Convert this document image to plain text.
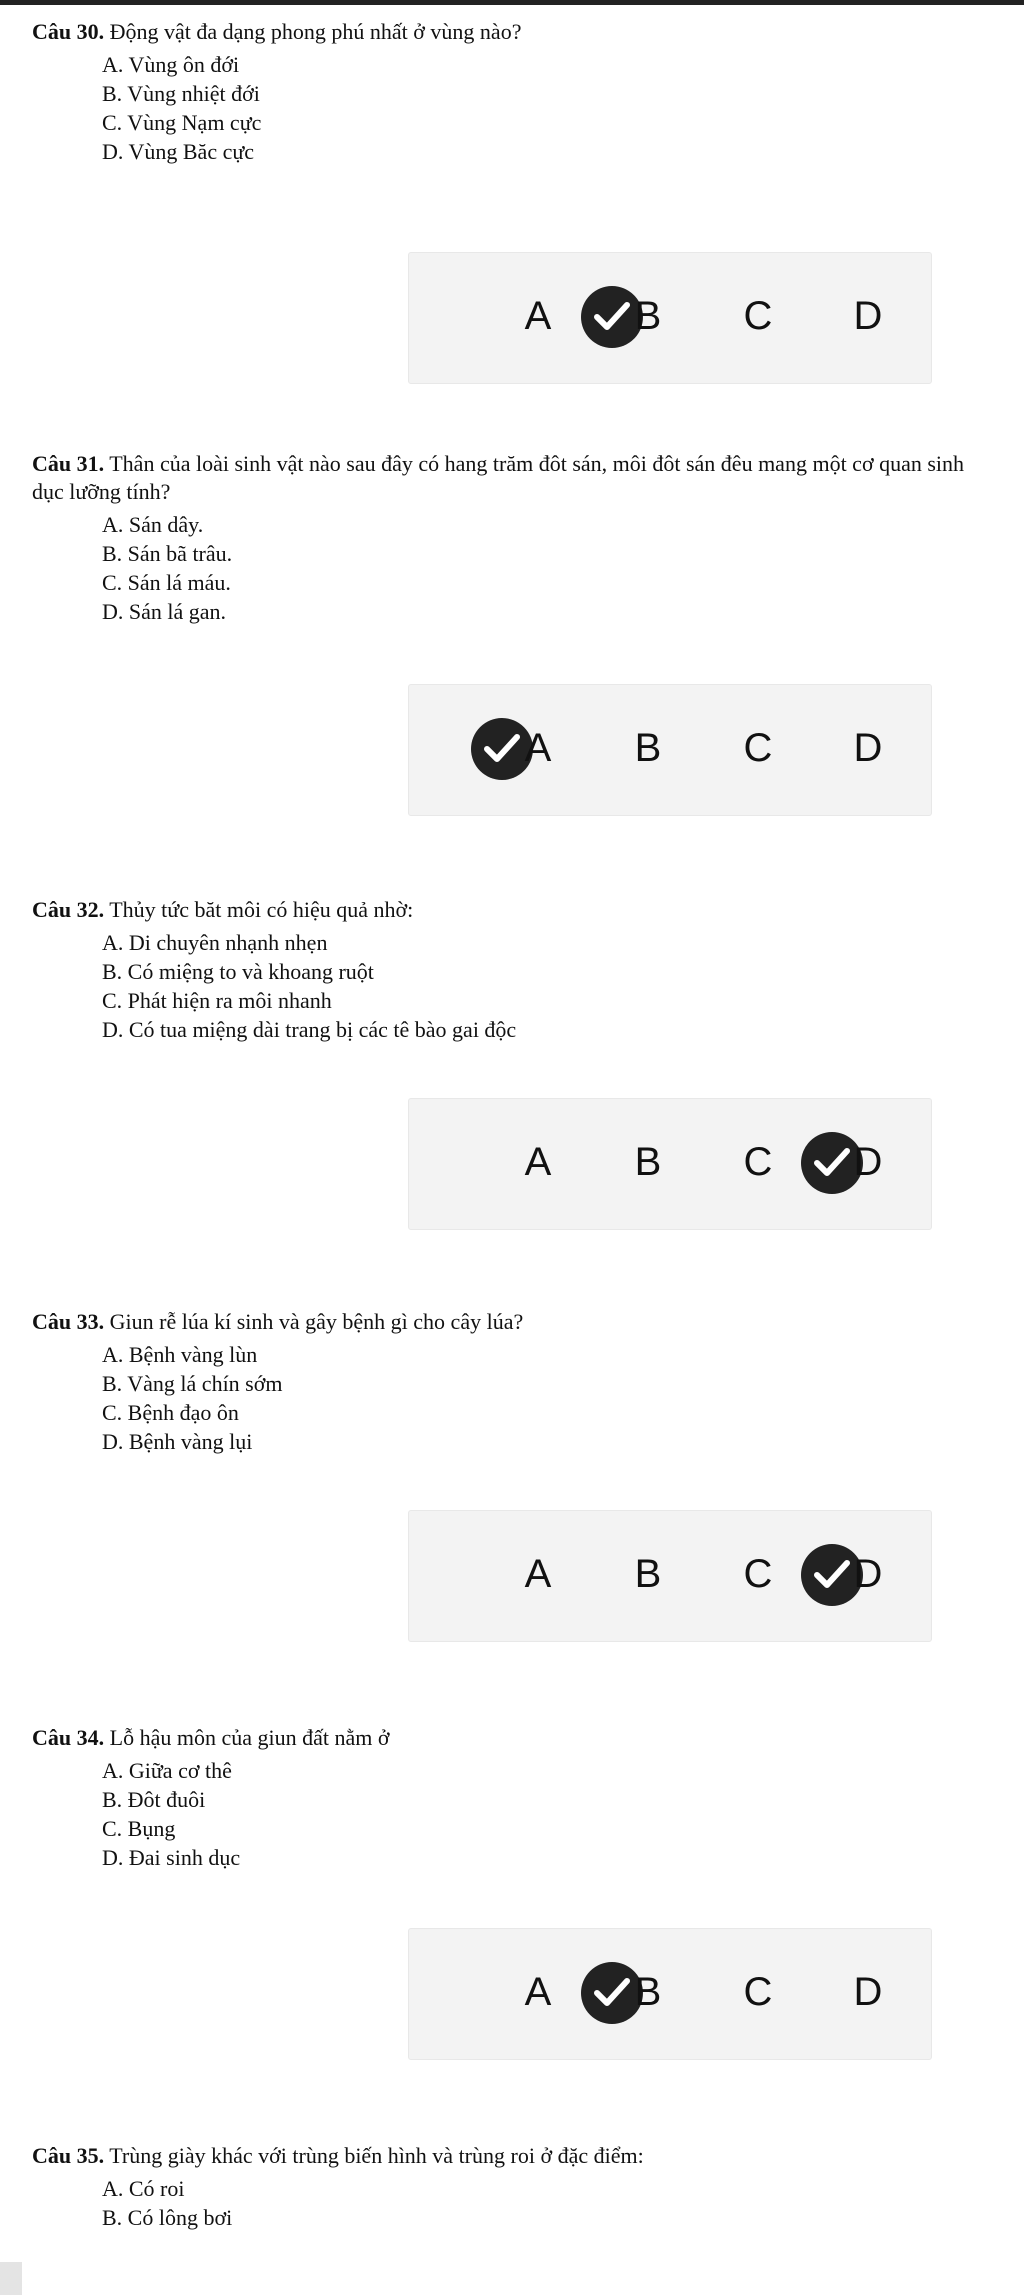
Câu 30. Động vật đa dạng phong phú nhất ở vùng nào?

A. Vùng ôn đới
B. Vùng nhiệt đới
C. Vùng Nạm cực
D. Vùng Băc cực
A B C D

Câu 31. Thân của loài sinh vật nào sau đây có hang trăm đôt sán, môi đôt sán đêu mang một cơ quan sinh dục lưỡng tính?

A. Sán dây.
B. Sán bã trâu.
C. Sán lá máu.
D. Sán lá gan.
A B C D

Câu 32. Thủy tức băt môi có hiệu quả nhờ:

A. Di chuyên nhạnh nhẹn
B. Có miệng to và khoang ruột
C. Phát hiện ra môi nhanh
D. Có tua miệng dài trang bị các tê bào gai độc
A B C D

Câu 33. Giun rễ lúa kí sinh và gây bệnh gì cho cây lúa?

A. Bệnh vàng lùn
B. Vàng lá chín sớm
C. Bệnh đạo ôn
D. Bệnh vàng lụi
A B C D

Câu 34. Lỗ hậu môn của giun đất nằm ở

A. Giữa cơ thê
B. Đôt đuôi
C. Bụng
D. Đai sinh dục
A B C D

Câu 35. Trùng giày khác với trùng biến hình và trùng roi ở đặc điểm:

A. Có roi
B. Có lông bơi
